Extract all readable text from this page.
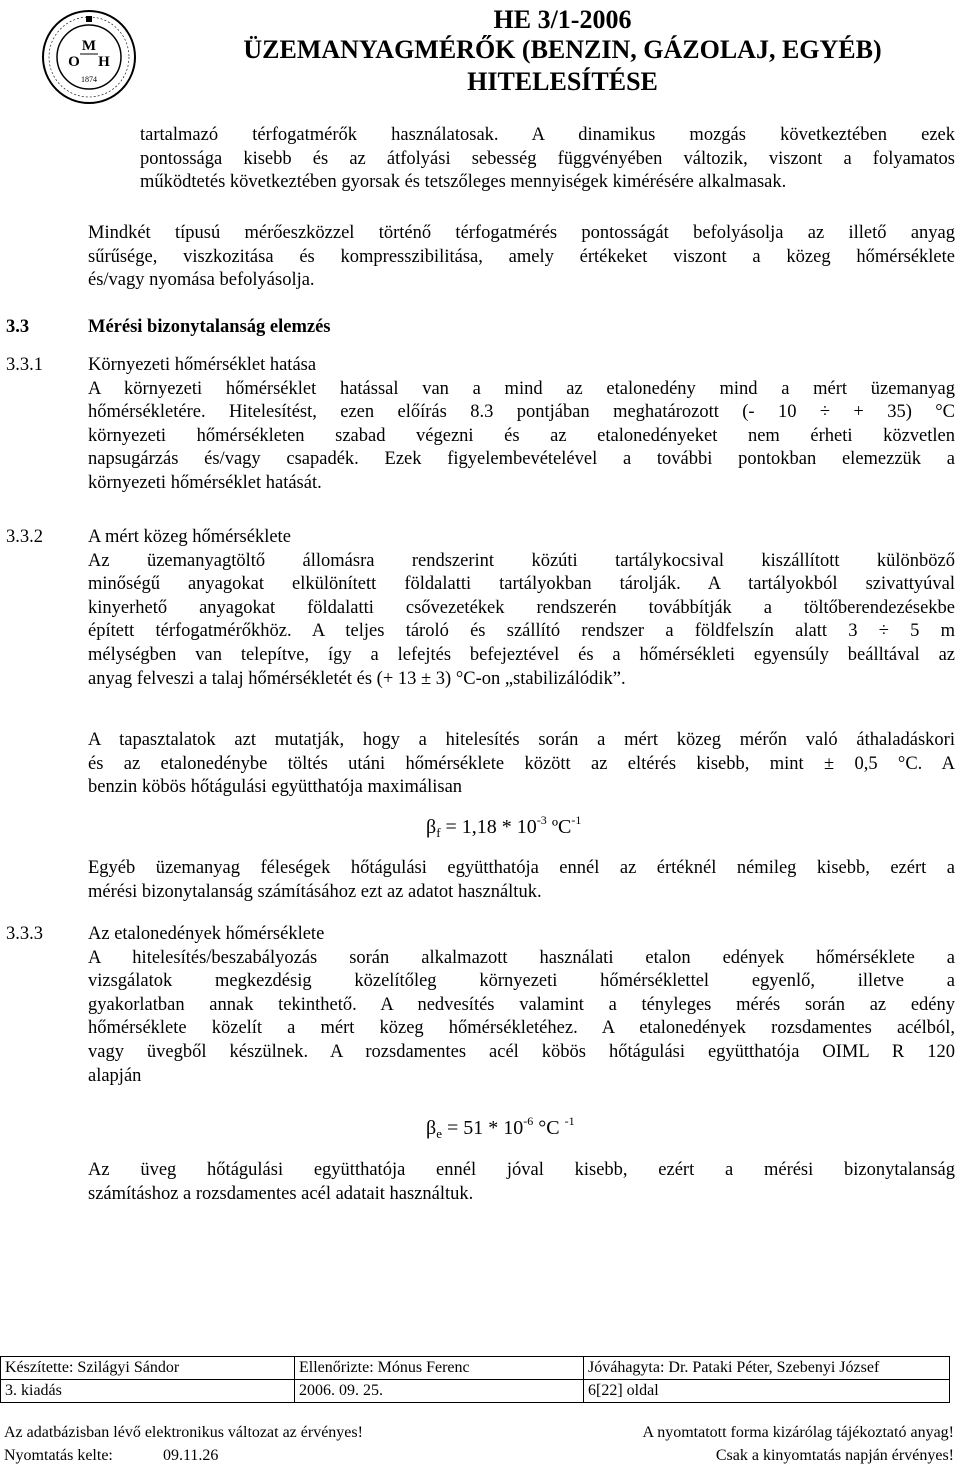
M
O H
1874
HE 3/1-2006
ÜZEMANYAGMÉRŐK (BENZIN, GÁZOLAJ, EGYÉB)
HITELESÍTÉSE
tartalmazó térfogatmérők használatosak. A dinamikus mozgás következtében ezek
pontossága kisebb és az átfolyási sebesség függvényében változik, viszont a folyamatos
működtetés következtében gyorsak és tetszőleges mennyiségek kimérésére alkalmasak.
Mindkét típusú mérőeszközzel történő térfogatmérés pontosságát befolyásolja az illető anyag
sűrűsége, viszkozitása és kompresszibilitása, amely értékeket viszont a közeg hőmérséklete
és/vagy nyomása befolyásolja.
3.3	Mérési bizonytalanság elemzés
3.3.1 Környezeti hőmérséklet hatása
A környezeti hőmérséklet hatással van a mind az etalonedény mind a mért üzemanyag
hőmérsékletére. Hitelesítést, ezen előírás 8.3 pontjában meghatározott (- 10 ÷ + 35) °C
környezeti hőmérsékleten szabad végezni és az etalonedényeket nem érheti közvetlen
napsugárzás és/vagy csapadék. Ezek figyelembevételével a további pontokban elemezzük a
környezeti hőmérséklet hatását.
3.3.2 A mért közeg hőmérséklete
Az üzemanyagtöltő állomásra rendszerint közúti tartálykocsival kiszállított különböző
minőségű anyagokat elkülönített földalatti tartályokban tárolják. A tartályokból szivattyúval
kinyerhető anyagokat földalatti csővezetékek rendszerén továbbítják a töltőberendezésekbe
épített térfogatmérőkhöz. A teljes tároló és szállító rendszer a földfelszín alatt 3 ÷ 5 m
mélységben van telepítve, így a lefejtés befejeztével és a hőmérsékleti egyensúly beálltával az
anyag felveszi a talaj hőmérsékletét és (+ 13 ± 3) °C-on „stabilizálódik”.
A tapasztalatok azt mutatják, hogy a hitelesítés során a mért közeg mérőn való áthaladáskori
és az etalonedénybe töltés utáni hőmérséklete között az eltérés kisebb, mint ± 0,5 °C. A
benzin köbös hőtágulási együtthatója maximálisan
$\beta_f = 1,18 * 10^{-3}$ ºC$^{-1}$
Egyéb üzemanyag féleségek hőtágulási együtthatója ennél az értéknél némileg kisebb, ezért a
mérési bizonytalanság számításához ezt az adatot használtuk.
3.3.3 Az etalonedények hőmérséklete
A hitelesítés/beszabályozás során alkalmazott használati etalon edények hőmérséklete a
vizsgálatok megkezdésig közelítőleg környezeti hőmérséklettel egyenlő, illetve a
gyakorlatban annak tekinthető. A nedvesítés valamint a tényleges mérés során az edény
hőmérséklete közelít a mért közeg hőmérsékletéhez. A etalonedények rozsdamentes acélból,
vagy üvegből készülnek. A rozsdamentes acél köbös hőtágulási együtthatója OIML R 120
alapján
$\beta_e = 51 * 10^{-6}$ °C $^{-1}$
Az üveg hőtágulási együtthatója ennél jóval kisebb, ezért a mérési bizonytalanság
számításhoz a rozsdamentes acél adatait használtuk.
Készítette: Szilágyi Sándor	Ellenőrizte: Mónus Ferenc	Jóváhagyta: Dr. Pataki Péter, Szebenyi József
3. kiadás	2006. 09. 25.	6[22] oldal
Az adatbázisban lévő elektronikus változat az érvényes!	A nyomtatott forma kizárólag tájékoztató anyag!
Nyomtatás kelte:	09.11.26	Csak a kinyomtatás napján érvényes!
